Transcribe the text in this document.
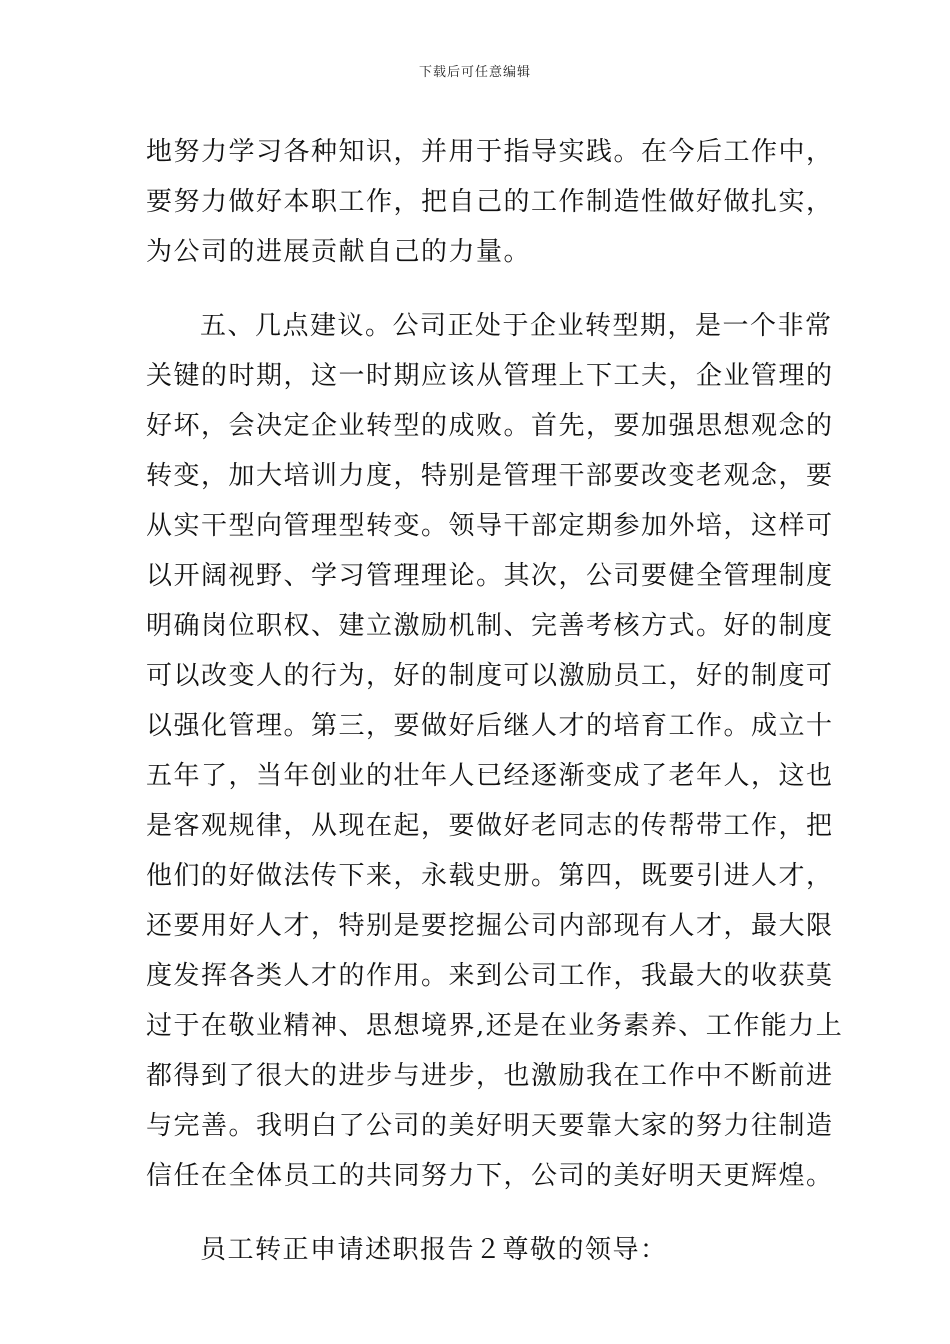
下载后可任意编辑
地努力学习各种知识，并用于指导实践。在今后工作中，
要努力做好本职工作，把自己的工作制造性做好做扎实，
为公司的进展贡献自己的力量。
五、几点建议。公司正处于企业转型期，是一个非常
关键的时期，这一时期应该从管理上下工夫，企业管理的
好坏，会决定企业转型的成败。首先，要加强思想观念的
转变，加大培训力度，特别是管理干部要改变老观念，要
从实干型向管理型转变。领导干部定期参加外培，这样可
以开阔视野、学习管理理论。其次，公司要健全管理制度
明确岗位职权、建立激励机制、完善考核方式。好的制度
可以改变人的行为，好的制度可以激励员工，好的制度可
以强化管理。第三，要做好后继人才的培育工作。成立十
五年了，当年创业的壮年人已经逐渐变成了老年人，这也
是客观规律，从现在起，要做好老同志的传帮带工作，把
他们的好做法传下来，永载史册。第四，既要引进人才，
还要用好人才，特别是要挖掘公司内部现有人才，最大限
度发挥各类人才的作用。来到公司工作，我最大的收获莫
过于在敬业精神、思想境界,还是在业务素养、工作能力上
都得到了很大的进步与进步，也激励我在工作中不断前进
与完善。我明白了公司的美好明天要靠大家的努力往制造
信任在全体员工的共同努力下，公司的美好明天更辉煌。
员工转正申请述职报告２尊敬的领导：
